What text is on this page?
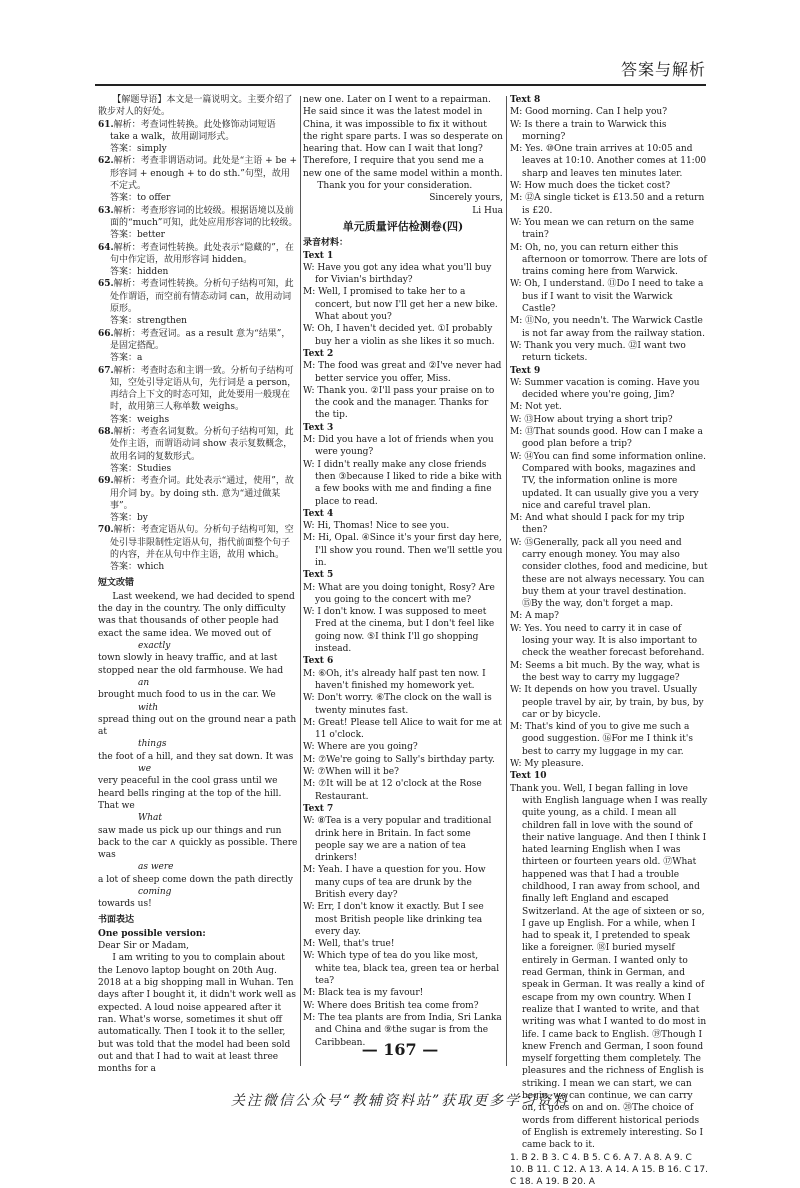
答案与解析

【解题导语】本文是一篇说明文。主要介绍了散步对人的好处。

61.解析：考查词性转换。此处修饰动词短语 take a walk，故用副词形式。

答案：simply

62.解析：考查非谓语动词。此处是“主语 + be + 形容词 + enough + to do sth.”句型，故用不定式。

答案：to offer

63.解析：考查形容词的比较级。根据语境以及前面的“much”可知，此处应用形容词的比较级。

答案：better

64.解析：考查词性转换。此处表示“隐藏的”，在句中作定语，故用形容词 hidden。

答案：hidden

65.解析：考查词性转换。分析句子结构可知，此处作谓语，而空前有情态动词 can，故用动词原形。

答案：strengthen

66.解析：考查冠词。as a result 意为“结果”，是固定搭配。

答案：a

67.解析：考查时态和主谓一致。分析句子结构可知，空处引导定语从句，先行词是 a person，再结合上下文的时态可知，此处要用一般现在时，故用第三人称单数 weighs。

答案：weighs

68.解析：考查名词复数。分析句子结构可知，此处作主语，而谓语动词 show 表示复数概念，故用名词的复数形式。

答案：Studies

69.解析：考查介词。此处表示“通过，使用”，故用介词 by。by doing sth. 意为“通过做某事”。

答案：by

70.解析：考查定语从句。分析句子结构可知，空处引导非限制性定语从句，指代前面整个句子的内容，并在从句中作主语，故用 which。

答案：which

短文改错

Last weekend, we had decided to spend the day in the country. The only difficulty was that thousands of other people had exact the same idea. We moved out of

exactly

town slowly in heavy traffic, and at last stopped near the old farmhouse. We had

an

brought much food to us in the car. We

with

spread thing out on the ground near a path at

things

the foot of a hill, and they sat down. It was

we

very peaceful in the cool grass until we heard bells ringing at the top of the hill. That we

What

saw made us pick up our things and run back to the car ∧ quickly as possible. There was

as were

a lot of sheep come down the path directly

coming

towards us!

书面表达

One possible version:

Dear Sir or Madam,

I am writing to you to complain about the Lenovo laptop bought on 20th Aug. 2018 at a big shopping mall in Wuhan. Ten days after I bought it, it didn't work well as expected. A loud noise appeared after it ran. What's worse, sometimes it shut off automatically. Then I took it to the seller, but was told that the model had been sold out and that I had to wait at least three months for a

new one. Later on I went to a repairman. He said since it was the latest model in China, it was impossible to fix it without the right spare parts. I was so desperate on hearing that. How can I wait that long? Therefore, I require that you send me a new one of the same model within a month.

Thank you for your consideration.

Sincerely yours,

Li Hua

单元质量评估检测卷(四)

录音材料：

Text 1

W: Have you got any idea what you'll buy for Vivian's birthday?

M: Well, I promised to take her to a concert, but now I'll get her a new bike. What about you?

W: Oh, I haven't decided yet. ①I probably buy her a violin as she likes it so much.

Text 2

M: The food was great and ②I've never had better service you offer, Miss.

W: Thank you. ②I'll pass your praise on to the cook and the manager. Thanks for the tip.

Text 3

M: Did you have a lot of friends when you were young?

W: I didn't really make any close friends then ③because I liked to ride a bike with a few books with me and finding a fine place to read.

Text 4

W: Hi, Thomas! Nice to see you.

M: Hi, Opal. ④Since it's your first day here, I'll show you round. Then we'll settle you in.

Text 5

M: What are you doing tonight, Rosy? Are you going to the concert with me?

W: I don't know. I was supposed to meet Fred at the cinema, but I don't feel like going now. ⑤I think I'll go shopping instead.

Text 6

M: ⑥Oh, it's already half past ten now. I haven't finished my homework yet.

W: Don't worry. ⑥The clock on the wall is twenty minutes fast.

M: Great! Please tell Alice to wait for me at 11 o'clock.

W: Where are you going?

M: ⑦We're going to Sally's birthday party.

W: ⑦When will it be?

M: ⑦It will be at 12 o'clock at the Rose Restaurant.

Text 7

W: ⑧Tea is a very popular and traditional drink here in Britain. In fact some people say we are a nation of tea drinkers!

M: Yeah. I have a question for you. How many cups of tea are drunk by the British every day?

W: Err, I don't know it exactly. But I see most British people like drinking tea every day.

M: Well, that's true!

W: Which type of tea do you like most, white tea, black tea, green tea or herbal tea?

M: Black tea is my favour!

W: Where does British tea come from?

M: The tea plants are from India, Sri Lanka and China and ⑨the sugar is from the Caribbean.

Text 8

M: Good morning. Can I help you?

W: Is there a train to Warwick this morning?

M: Yes. ⑩One train arrives at 10:05 and leaves at 10:10. Another comes at 11:00 sharp and leaves ten minutes later.

W: How much does the ticket cost?

M: ⑫A single ticket is £13.50 and a return is £20.

W: You mean we can return on the same train?

M: Oh, no, you can return either this afternoon or tomorrow. There are lots of trains coming here from Warwick.

W: Oh, I understand. ⑪Do I need to take a bus if I want to visit the Warwick Castle?

M: ⑪No, you needn't. The Warwick Castle is not far away from the railway station.

W: Thank you very much. ⑫I want two return tickets.

Text 9

W: Summer vacation is coming. Have you decided where you're going, Jim?

M: Not yet.

W: ⑬How about trying a short trip?

M: ⑬That sounds good. How can I make a good plan before a trip?

W: ⑭You can find some information online. Compared with books, magazines and TV, the information online is more updated. It can usually give you a very nice and careful travel plan.

M: And what should I pack for my trip then?

W: ⑮Generally, pack all you need and carry enough money. You may also consider clothes, food and medicine, but these are not always necessary. You can buy them at your travel destination. ⑮By the way, don't forget a map.

M: A map?

W: Yes. You need to carry it in case of losing your way. It is also important to check the weather forecast beforehand.

M: Seems a bit much. By the way, what is the best way to carry my luggage?

W: It depends on how you travel. Usually people travel by air, by train, by bus, by car or by bicycle.

M: That's kind of you to give me such a good suggestion. ⑯For me I think it's best to carry my luggage in my car.

W: My pleasure.

Text 10

Thank you. Well, I began falling in love with English language when I was really quite young, as a child. I mean all children fall in love with the sound of their native language. And then I think I hated learning English when I was thirteen or fourteen years old. ⑰What happened was that I had a trouble childhood, I ran away from school, and finally left England and escaped Switzerland. At the age of sixteen or so, I gave up English. For a while, when I had to speak it, I pretended to speak like a foreigner. ⑱I buried myself entirely in German. I wanted only to read German, think in German, and speak in German. It was really a kind of escape from my own country. When I realize that I wanted to write, and that writing was what I wanted to do most in life. I came back to English. ⑲Though I knew French and German, I soon found myself forgetting them completely. The pleasures and the richness of English is striking. I mean we can start, we can begin, we can continue, we can carry on, it goes on and on. ⑳The choice of words from different historical periods of English is extremely interesting. So I came back to it.

1. B 2. B 3. C 4. B 5. C 6. A 7. A 8. A 9. C 10. B 11. C 12. A 13. A 14. A 15. B 16. C 17. C 18. A 19. B 20. A

— 167 —
关注微信公众号“教辅资料站”获取更多学习资料
